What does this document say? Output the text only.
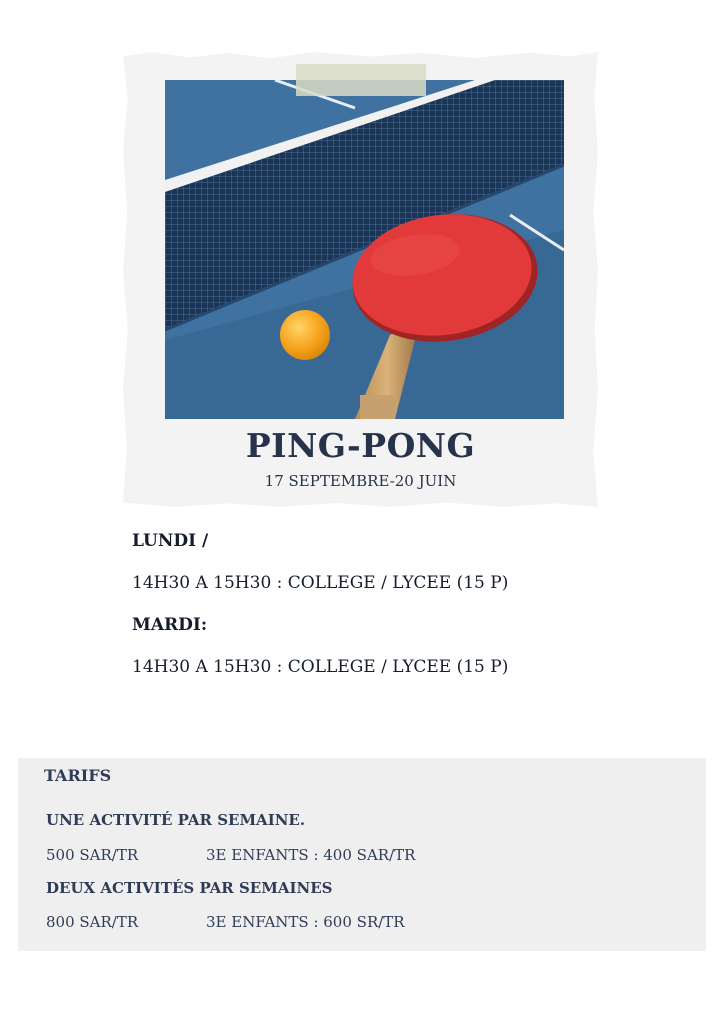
PING-PONG
17 SEPTEMBRE-20 JUIN
LUNDI /
14H30 A 15H30 : COLLEGE / LYCEE (15 P)
MARDI:
14H30 A 15H30 : COLLEGE / LYCEE (15 P)
TARIFS
UNE ACTIVITÉ PAR SEMAINE.
500 SAR/TR	3E ENFANTS : 400 SAR/TR
DEUX ACTIVITÉS PAR SEMAINES
800 SAR/TR	3E ENFANTS : 600 SR/TR
